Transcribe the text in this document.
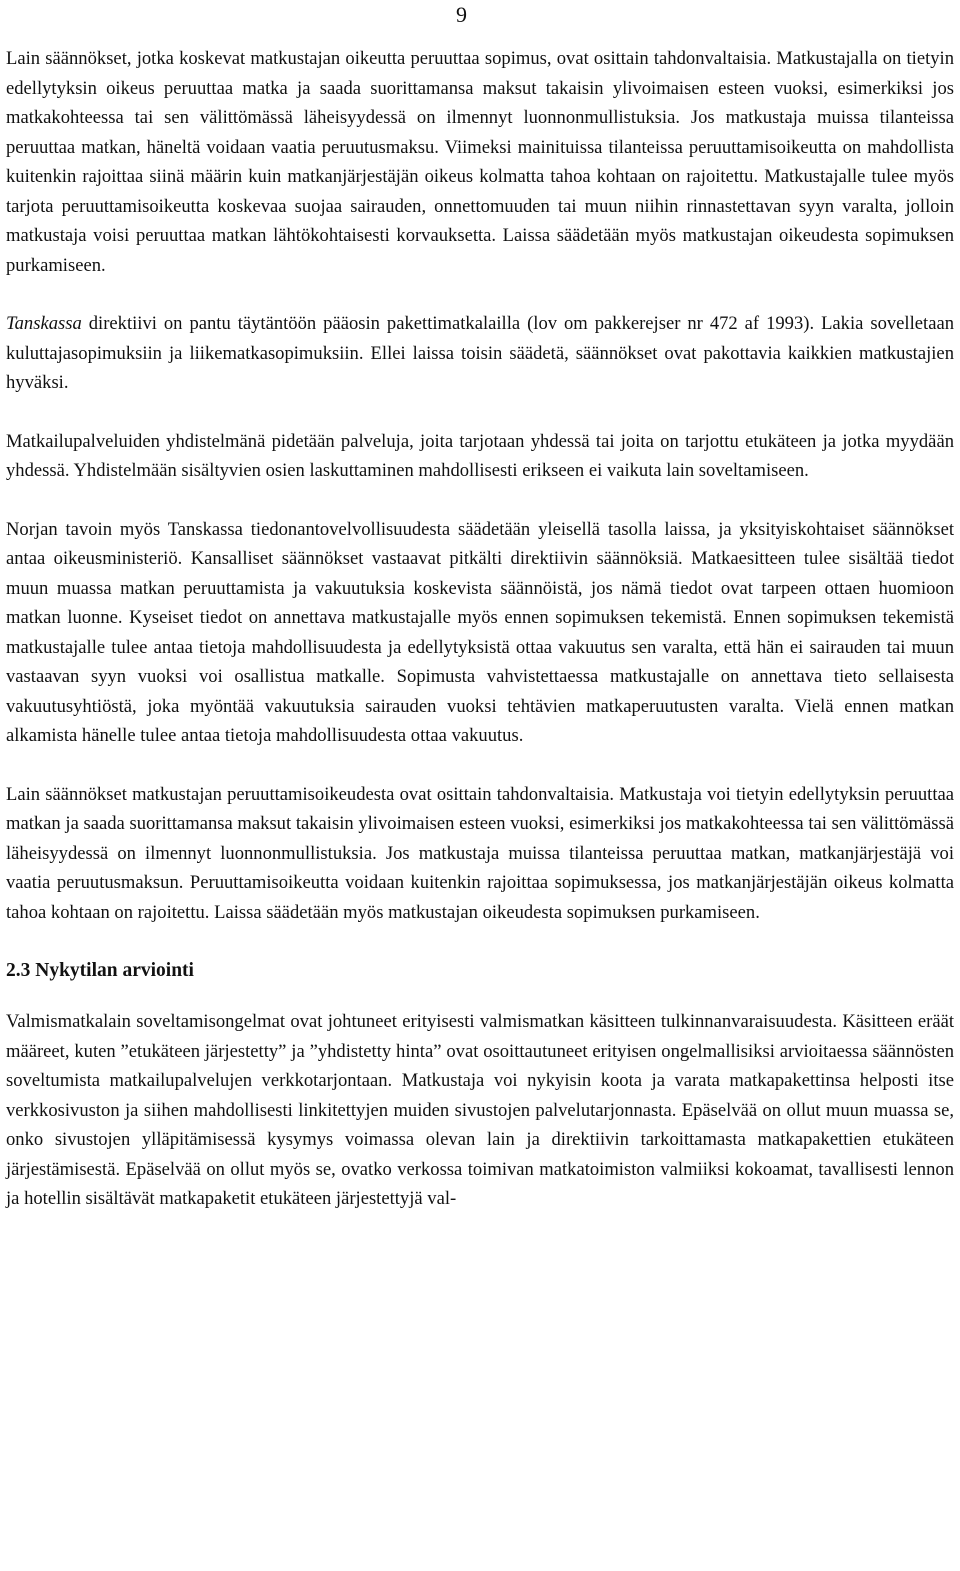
9

Lain säännökset, jotka koskevat matkustajan oikeutta peruuttaa sopimus, ovat osittain tahdonvaltaisia. Matkustajalla on tietyin edellytyksin oikeus peruuttaa matka ja saada suorittamansa maksut takaisin ylivoimaisen esteen vuoksi, esimerkiksi jos matkakohteessa tai sen välittömässä läheisyydessä on ilmennyt luonnonmullistuksia. Jos matkustaja muissa tilanteissa peruuttaa matkan, häneltä voidaan vaatia peruutusmaksu. Viimeksi mainituissa tilanteissa peruuttamisoikeutta on mahdollista kuitenkin rajoittaa siinä määrin kuin matkanjärjestäjän oikeus kolmatta tahoa kohtaan on rajoitettu. Matkustajalle tulee myös tarjota peruuttamisoikeutta koskevaa suojaa sairauden, onnettomuuden tai muun niihin rinnastettavan syyn varalta, jolloin matkustaja voisi peruuttaa matkan lähtökohtaisesti korvauksetta. Laissa säädetään myös matkustajan oikeudesta sopimuksen purkamiseen.

Tanskassa direktiivi on pantu täytäntöön pääosin pakettimatkalailla (lov om pakkerejser nr 472 af 1993). Lakia sovelletaan kuluttajasopimuksiin ja liikematkasopimuksiin. Ellei laissa toisin säädetä, säännökset ovat pakottavia kaikkien matkustajien hyväksi.

Matkailupalveluiden yhdistelmänä pidetään palveluja, joita tarjotaan yhdessä tai joita on tarjottu etukäteen ja jotka myydään yhdessä. Yhdistelmään sisältyvien osien laskuttaminen mahdollisesti erikseen ei vaikuta lain soveltamiseen.

Norjan tavoin myös Tanskassa tiedonantovelvollisuudesta säädetään yleisellä tasolla laissa, ja yksityiskohtaiset säännökset antaa oikeusministeriö. Kansalliset säännökset vastaavat pitkälti direktiivin säännöksiä. Matkaesitteen tulee sisältää tiedot muun muassa matkan peruuttamista ja vakuutuksia koskevista säännöistä, jos nämä tiedot ovat tarpeen ottaen huomioon matkan luonne. Kyseiset tiedot on annettava matkustajalle myös ennen sopimuksen tekemistä. Ennen sopimuksen tekemistä matkustajalle tulee antaa tietoja mahdollisuudesta ja edellytyksistä ottaa vakuutus sen varalta, että hän ei sairauden tai muun vastaavan syyn vuoksi voi osallistua matkalle. Sopimusta vahvistettaessa matkustajalle on annettava tieto sellaisesta vakuutusyhtiöstä, joka myöntää vakuutuksia sairauden vuoksi tehtävien matkaperuutusten varalta. Vielä ennen matkan alkamista hänelle tulee antaa tietoja mahdollisuudesta ottaa vakuutus.

Lain säännökset matkustajan peruuttamisoikeudesta ovat osittain tahdonvaltaisia. Matkustaja voi tietyin edellytyksin peruuttaa matkan ja saada suorittamansa maksut takaisin ylivoimaisen esteen vuoksi, esimerkiksi jos matkakohteessa tai sen välittömässä läheisyydessä on ilmennyt luonnonmullistuksia. Jos matkustaja muissa tilanteissa peruuttaa matkan, matkanjärjestäjä voi vaatia peruutusmaksun. Peruuttamisoikeutta voidaan kuitenkin rajoittaa sopimuksessa, jos matkanjärjestäjän oikeus kolmatta tahoa kohtaan on rajoitettu. Laissa säädetään myös matkustajan oikeudesta sopimuksen purkamiseen.

2.3 Nykytilan arviointi

Valmismatkalain soveltamisongelmat ovat johtuneet erityisesti valmismatkan käsitteen tulkinnanvaraisuudesta. Käsitteen eräät määreet, kuten ”etukäteen järjestetty” ja ”yhdistetty hinta” ovat osoittautuneet erityisen ongelmallisiksi arvioitaessa säännösten soveltumista matkailupalvelujen verkkotarjontaan. Matkustaja voi nykyisin koota ja varata matkapakettinsa helposti itse verkkosivuston ja siihen mahdollisesti linkitettyjen muiden sivustojen palvelutarjonnasta. Epäselvää on ollut muun muassa se, onko sivustojen ylläpitämisessä kysymys voimassa olevan lain ja direktiivin tarkoittamasta matkapakettien etukäteen järjestämisestä. Epäselvää on ollut myös se, ovatko verkossa toimivan matkatoimiston valmiiksi kokoamat, tavallisesti lennon ja hotellin sisältävät matkapaketit etukäteen järjestettyjä val-
